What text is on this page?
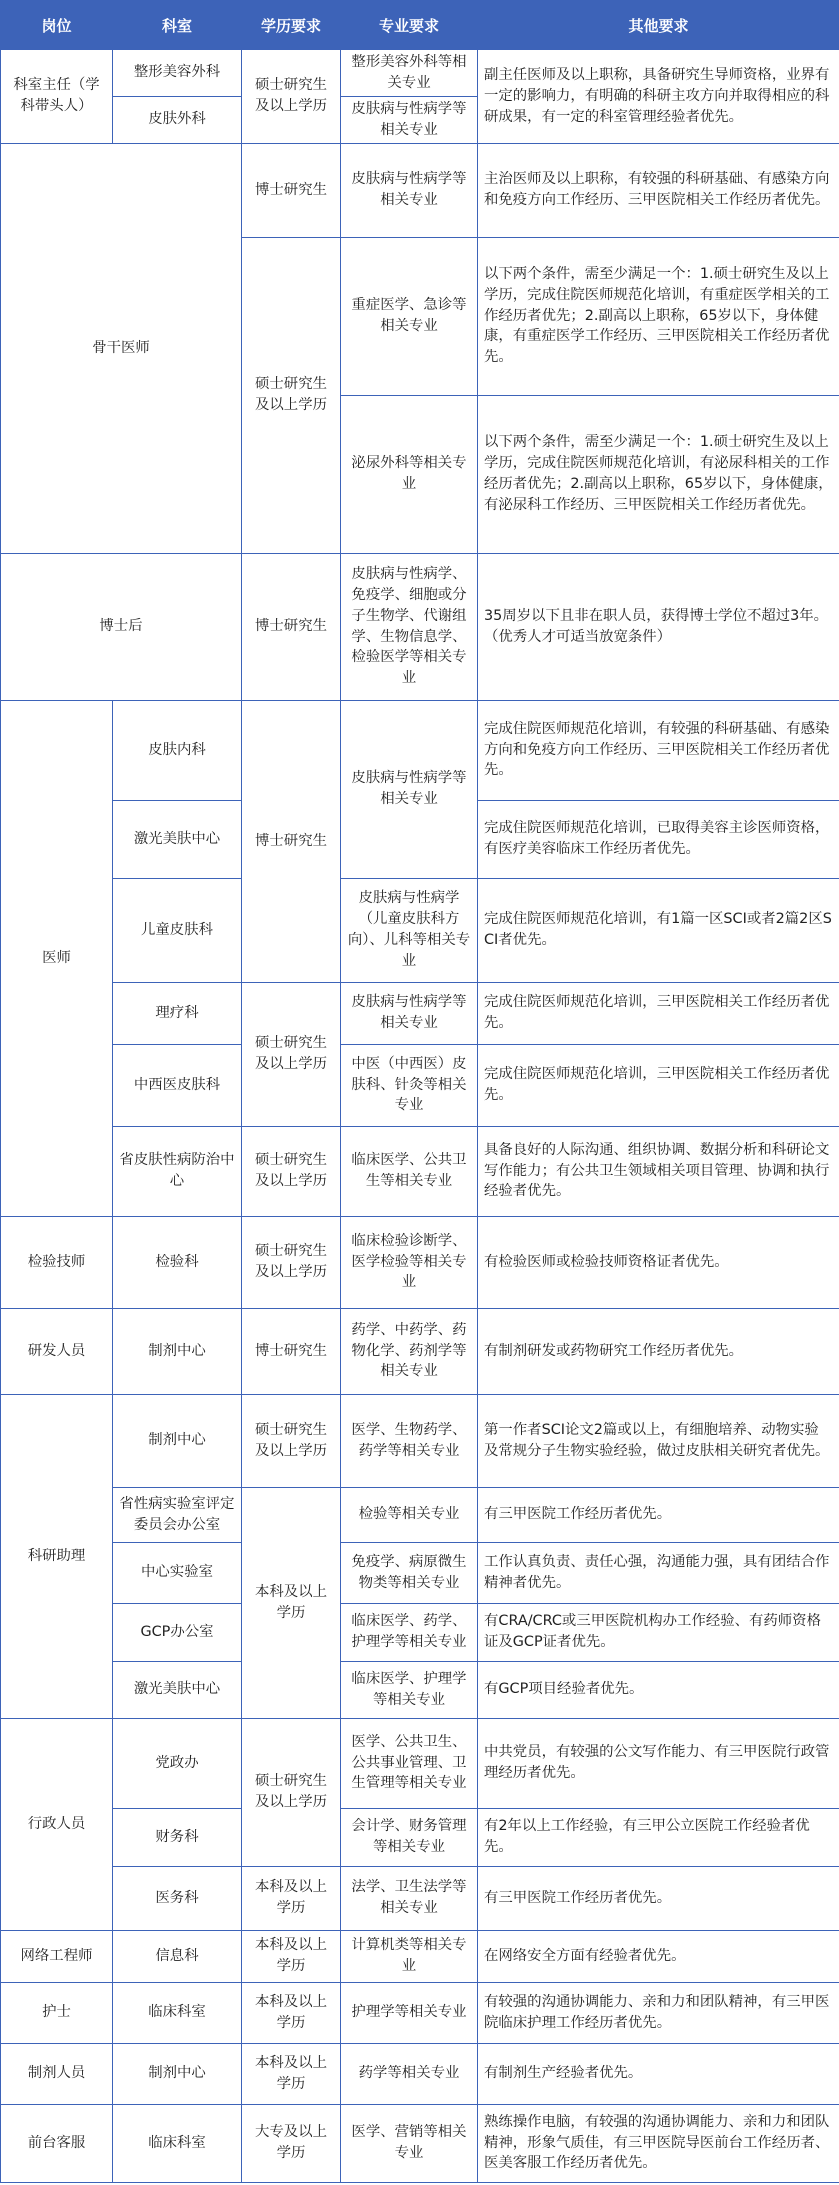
岗位	科室	学历要求	专业要求	其他要求
科室主任（学科带头人）	整形美容外科	硕士研究生及以上学历	整形美容外科等相关专业	副主任医师及以上职称，具备研究生导师资格，业界有一定的影响力，有明确的科研主攻方向并取得相应的科研成果，有一定的科室管理经验者优先。
	皮肤外科		皮肤病与性病学等相关专业	
骨干医师		博士研究生	皮肤病与性病学等相关专业	主治医师及以上职称，有较强的科研基础、有感染方向和免疫方向工作经历、三甲医院相关工作经历者优先。
		硕士研究生及以上学历	重症医学、急诊等相关专业	以下两个条件，需至少满足一个：1.硕士研究生及以上学历，完成住院医师规范化培训，有重症医学相关的工作经历者优先；2.副高以上职称，65岁以下，身体健康，有重症医学工作经历、三甲医院相关工作经历者优先。
			泌尿外科等相关专业	以下两个条件，需至少满足一个：1.硕士研究生及以上学历，完成住院医师规范化培训，有泌尿科相关的工作经历者优先；2.副高以上职称，65岁以下，身体健康，有泌尿科工作经历、三甲医院相关工作经历者优先。
博士后		博士研究生	皮肤病与性病学、免疫学、细胞或分子生物学、代谢组学、生物信息学、检验医学等相关专业	35周岁以下且非在职人员，获得博士学位不超过3年。（优秀人才可适当放宽条件）
医师	皮肤内科	博士研究生	皮肤病与性病学等相关专业	完成住院医师规范化培训，有较强的科研基础、有感染方向和免疫方向工作经历、三甲医院相关工作经历者优先。
	激光美肤中心			完成住院医师规范化培训，已取得美容主诊医师资格，有医疗美容临床工作经历者优先。
	儿童皮肤科		皮肤病与性病学（儿童皮肤科方向）、儿科等相关专业	完成住院医师规范化培训，有1篇一区SCI或者2篇2区SCI者优先。
	理疗科	硕士研究生及以上学历	皮肤病与性病学等相关专业	完成住院医师规范化培训，三甲医院相关工作经历者优先。
	中西医皮肤科		中医（中西医）皮肤科、针灸等相关专业	完成住院医师规范化培训，三甲医院相关工作经历者优先。
	省皮肤性病防治中心	硕士研究生及以上学历	临床医学、公共卫生等相关专业	具备良好的人际沟通、组织协调、数据分析和科研论文写作能力；有公共卫生领域相关项目管理、协调和执行经验者优先。
检验技师	检验科	硕士研究生及以上学历	临床检验诊断学、医学检验等相关专业	有检验医师或检验技师资格证者优先。
研发人员	制剂中心	博士研究生	药学、中药学、药物化学、药剂学等相关专业	有制剂研发或药物研究工作经历者优先。
科研助理	制剂中心	硕士研究生及以上学历	医学、生物药学、药学等相关专业	第一作者SCI论文2篇或以上，有细胞培养、动物实验及常规分子生物实验经验，做过皮肤相关研究者优先。
	省性病实验室评定委员会办公室	本科及以上学历	检验等相关专业	有三甲医院工作经历者优先。
	中心实验室		免疫学、病原微生物类等相关专业	工作认真负责、责任心强，沟通能力强，具有团结合作精神者优先。
	GCP办公室		临床医学、药学、护理学等相关专业	有CRA/CRC或三甲医院机构办工作经验、有药师资格证及GCP证者优先。
	激光美肤中心		临床医学、护理学等相关专业	有GCP项目经验者优先。
行政人员	党政办	硕士研究生及以上学历	医学、公共卫生、公共事业管理、卫生管理等相关专业	中共党员，有较强的公文写作能力、有三甲医院行政管理经历者优先。
	财务科		会计学、财务管理等相关专业	有2年以上工作经验，有三甲公立医院工作经验者优先。
	医务科	本科及以上学历	法学、卫生法学等相关专业	有三甲医院工作经历者优先。
网络工程师	信息科	本科及以上学历	计算机类等相关专业	在网络安全方面有经验者优先。
护士	临床科室	本科及以上学历	护理学等相关专业	有较强的沟通协调能力、亲和力和团队精神，有三甲医院临床护理工作经历者优先。
制剂人员	制剂中心	本科及以上学历	药学等相关专业	有制剂生产经验者优先。
前台客服	临床科室	大专及以上学历	医学、营销等相关专业	熟练操作电脑，有较强的沟通协调能力、亲和力和团队精神，形象气质佳，有三甲医院导医前台工作经历者、医美客服工作经历者优先。
